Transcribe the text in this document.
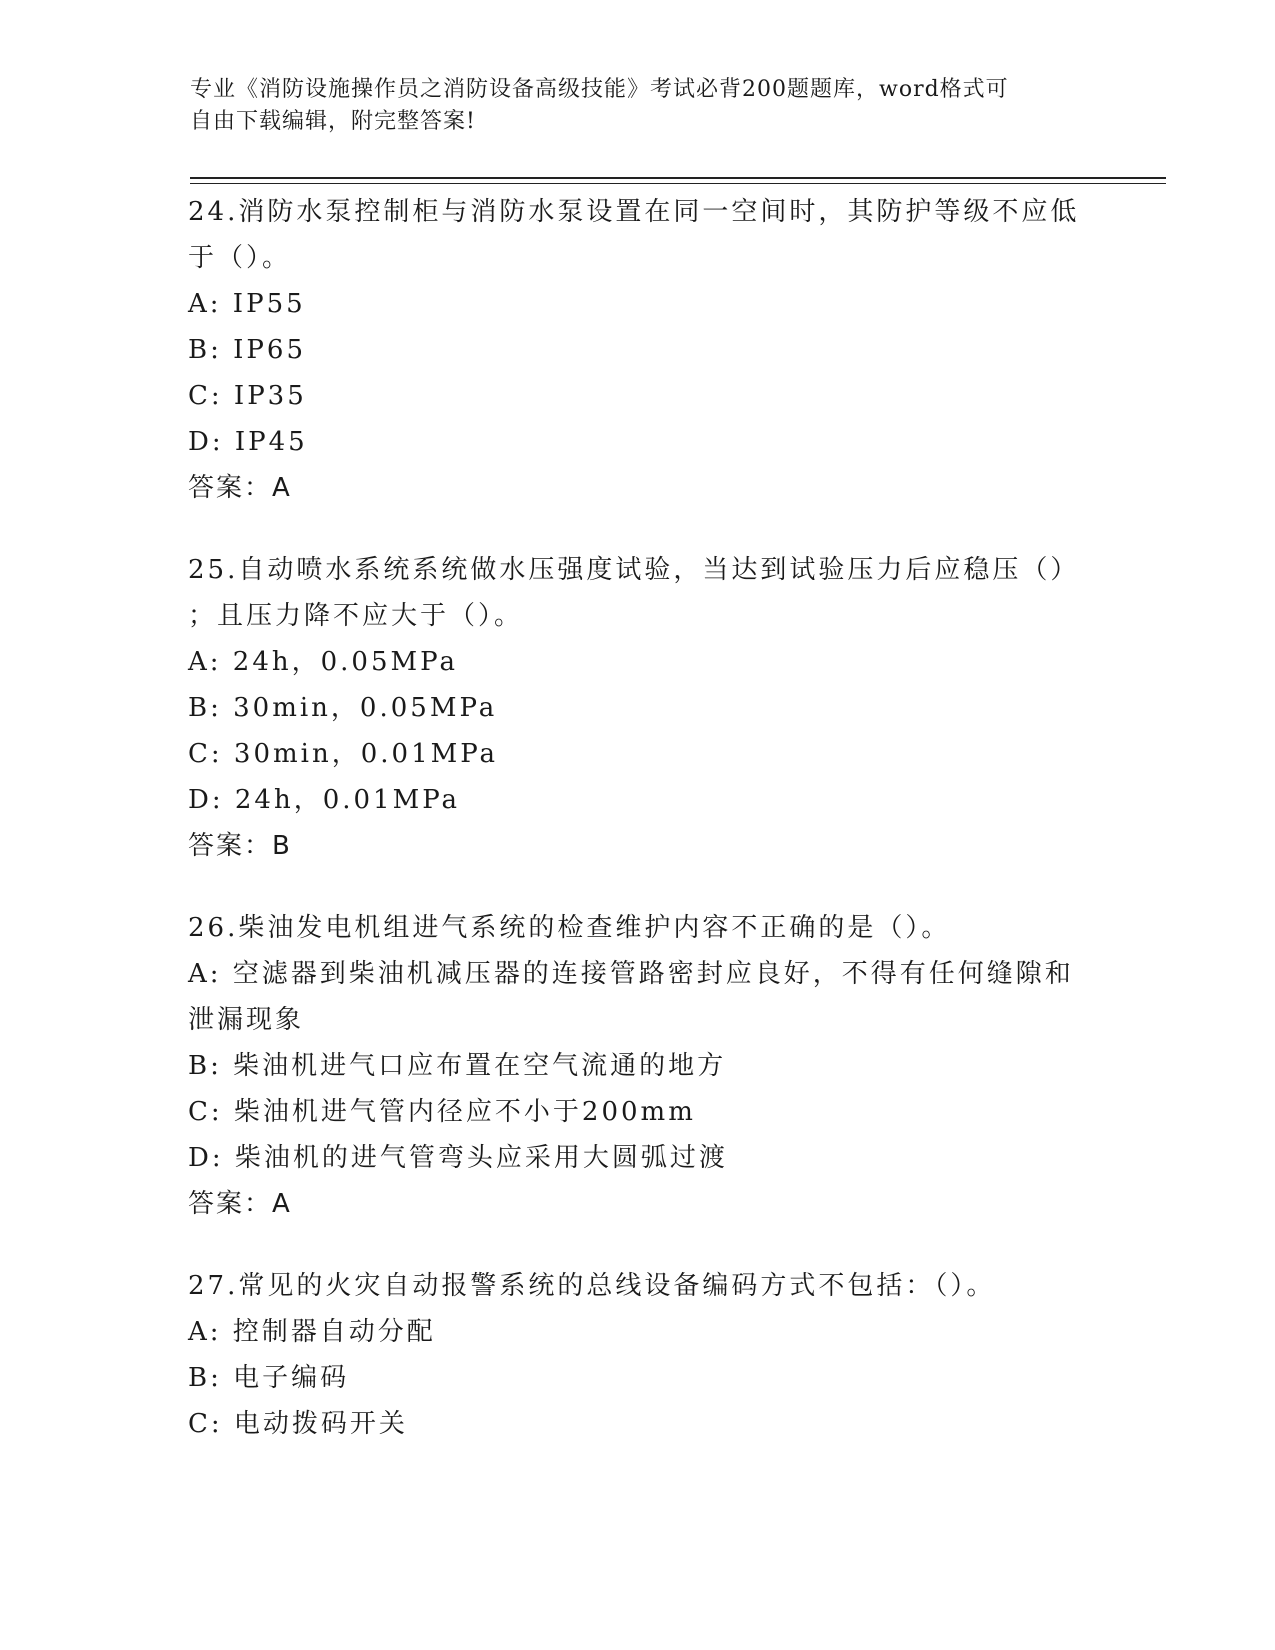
专业《消防设施操作员之消防设备高级技能》考试必背200题题库，word格式可
自由下载编辑，附完整答案!
24.消防水泵控制柜与消防水泵设置在同一空间时，其防护等级不应低
于（）。
A: IP55
B: IP65
C: IP35
D: IP45
答案：A
25.自动喷水系统系统做水压强度试验，当达到试验压力后应稳压（）
；且压力降不应大于（）。
A: 24h，0.05MPa
B: 30min，0.05MPa
C: 30min，0.01MPa
D: 24h，0.01MPa
答案：B
26.柴油发电机组进气系统的检查维护内容不正确的是（）。
A: 空滤器到柴油机减压器的连接管路密封应良好，不得有任何缝隙和
泄漏现象
B: 柴油机进气口应布置在空气流通的地方
C: 柴油机进气管内径应不小于200mm
D: 柴油机的进气管弯头应采用大圆弧过渡
答案：A
27.常见的火灾自动报警系统的总线设备编码方式不包括：（）。
A: 控制器自动分配
B: 电子编码
C: 电动拨码开关
